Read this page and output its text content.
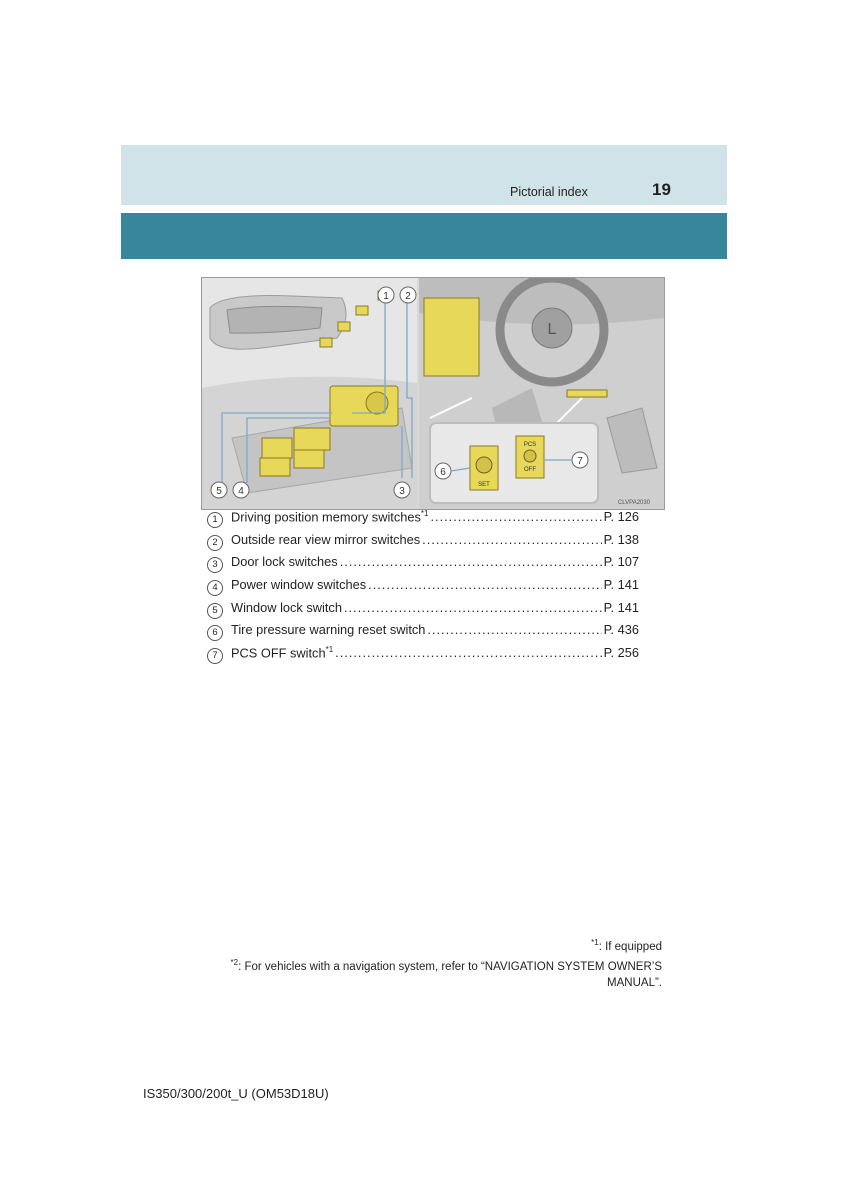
Pictorial index	19
1 2
3
4
5
L
SET
PCS
OFF
6
7
CLVPA2030
1	Driving position memory switches$^{*1}$ .....	P. 126
2	Outside rear view mirror switches .....	P. 138
3	Door lock switches .....	P. 107
4	Power window switches .....	P. 141
5	Window lock switch .....	P. 141
6	Tire pressure warning reset switch .....	P. 436
7	PCS OFF switch$^{*1}$ .....	P. 256
$^{*1}$: If equipped
$^{*2}$: For vehicles with a navigation system, refer to “NAVIGATION SYSTEM OWNER’S MANUAL”.
IS350/300/200t_U (OM53D18U)
